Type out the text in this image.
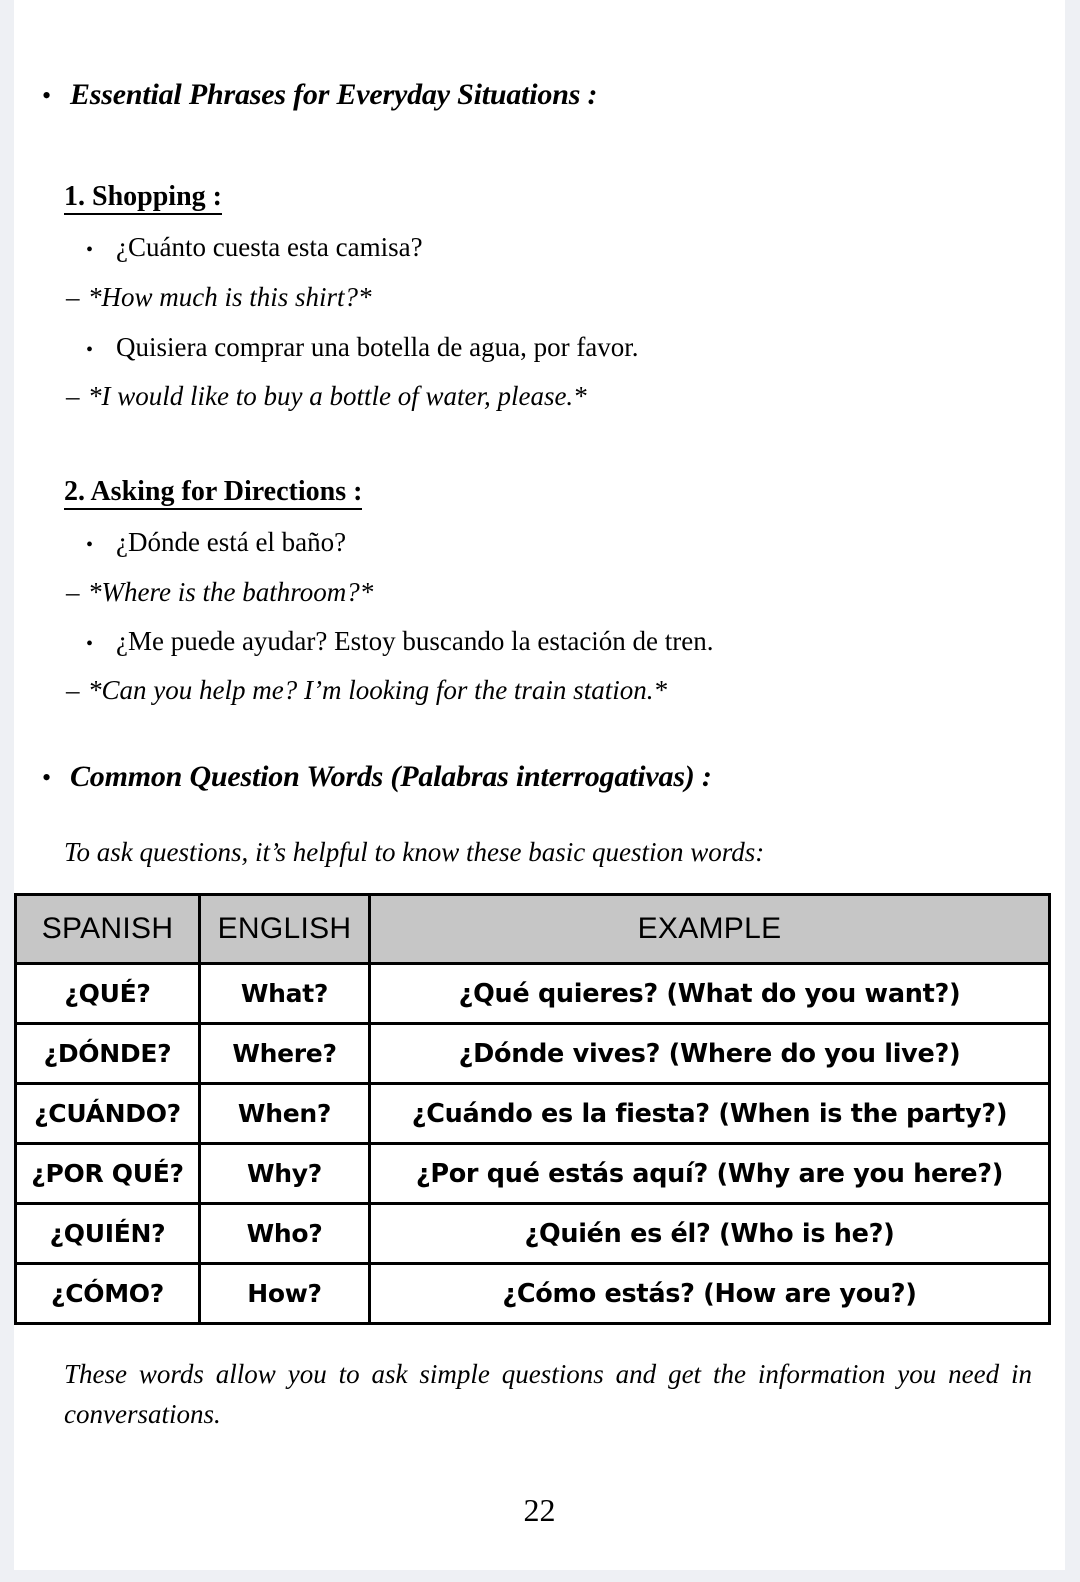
• Essential Phrases for Everyday Situations :
1. Shopping :
• ¿Cuánto cuesta esta camisa?
– *How much is this shirt?*
• Quisiera comprar una botella de agua, por favor.
– *I would like to buy a bottle of water, please.*
2. Asking for Directions :
• ¿Dónde está el baño?
– *Where is the bathroom?*
• ¿Me puede ayudar? Estoy buscando la estación de tren.
– *Can you help me? I’m looking for the train station.*
• Common Question Words (Palabras interrogativas) :
To ask questions, it’s helpful to know these basic question words:
SPANISH	ENGLISH	EXAMPLE
¿QUÉ?	What?	¿Qué quieres? (What do you want?)
¿DÓNDE?	Where?	¿Dónde vives? (Where do you live?)
¿CUÁNDO?	When?	¿Cuándo es la fiesta? (When is the party?)
¿POR QUÉ?	Why?	¿Por qué estás aquí? (Why are you here?)
¿QUIÉN?	Who?	¿Quién es él? (Who is he?)
¿CÓMO?	How?	¿Cómo estás? (How are you?)
These words allow you to ask simple questions and get the information you need in conversations.
22
